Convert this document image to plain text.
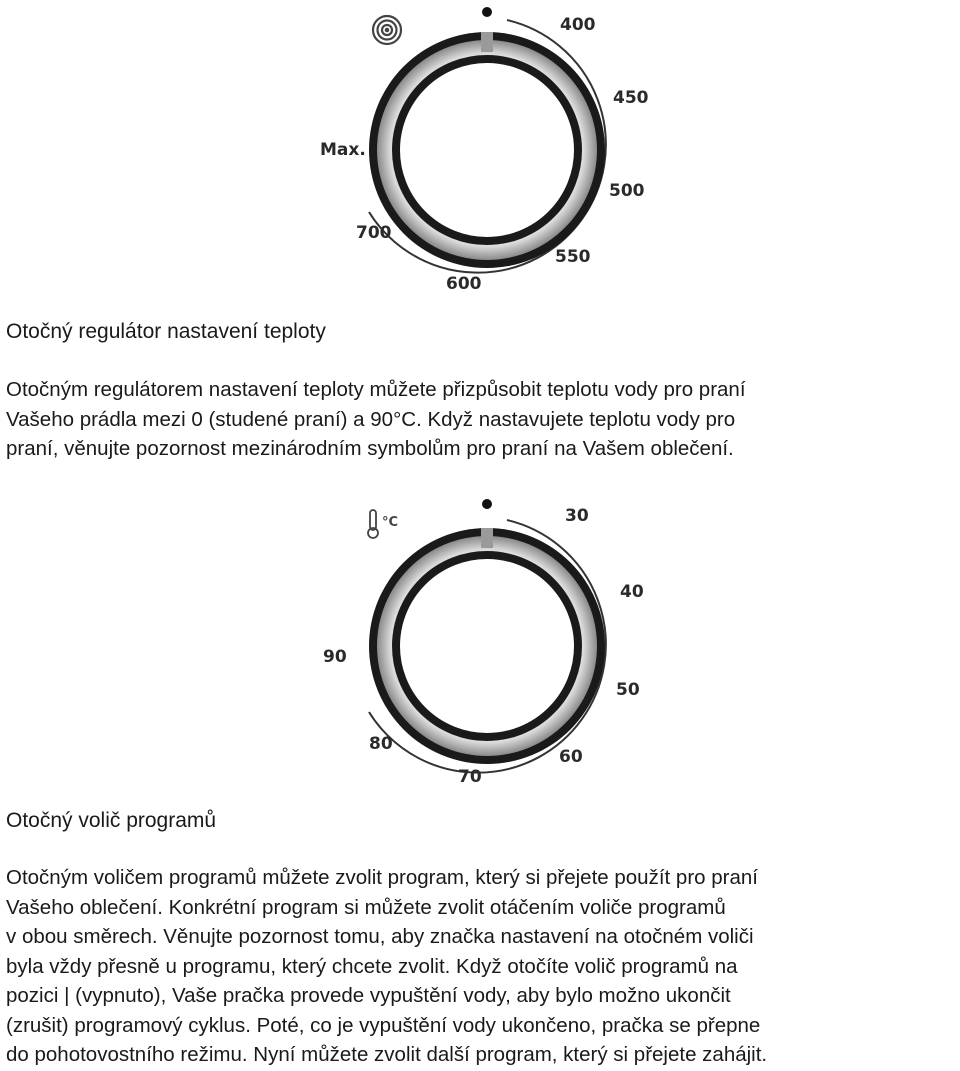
400
450
500
550
600
700
Max.
Otočný regulátor nastavení teploty

Otočným regulátorem nastavení teploty můžete přizpůsobit teplotu vody pro praní

Vašeho prádla mezi 0 (studené praní) a 90°C. Když nastavujete teplotu vody pro

praní, věnujte pozornost mezinárodním symbolům pro praní na Vašem oblečení.

°C	30
40
50
60
70
80
90
Otočný volič programů

Otočným voličem programů můžete zvolit program, který si přejete použít pro praní

Vašeho oblečení. Konkrétní program si můžete zvolit otáčením voliče programů

v obou směrech. Věnujte pozornost tomu, aby značka nastavení na otočném voliči

byla vždy přesně u programu, který chcete zvolit. Když otočíte volič programů na

pozici | (vypnuto), Vaše pračka provede vypuštění vody, aby bylo možno ukončit

(zrušit) programový cyklus. Poté, co je vypuštění vody ukončeno, pračka se přepne

do pohotovostního režimu. Nyní můžete zvolit další program, který si přejete zahájit.
